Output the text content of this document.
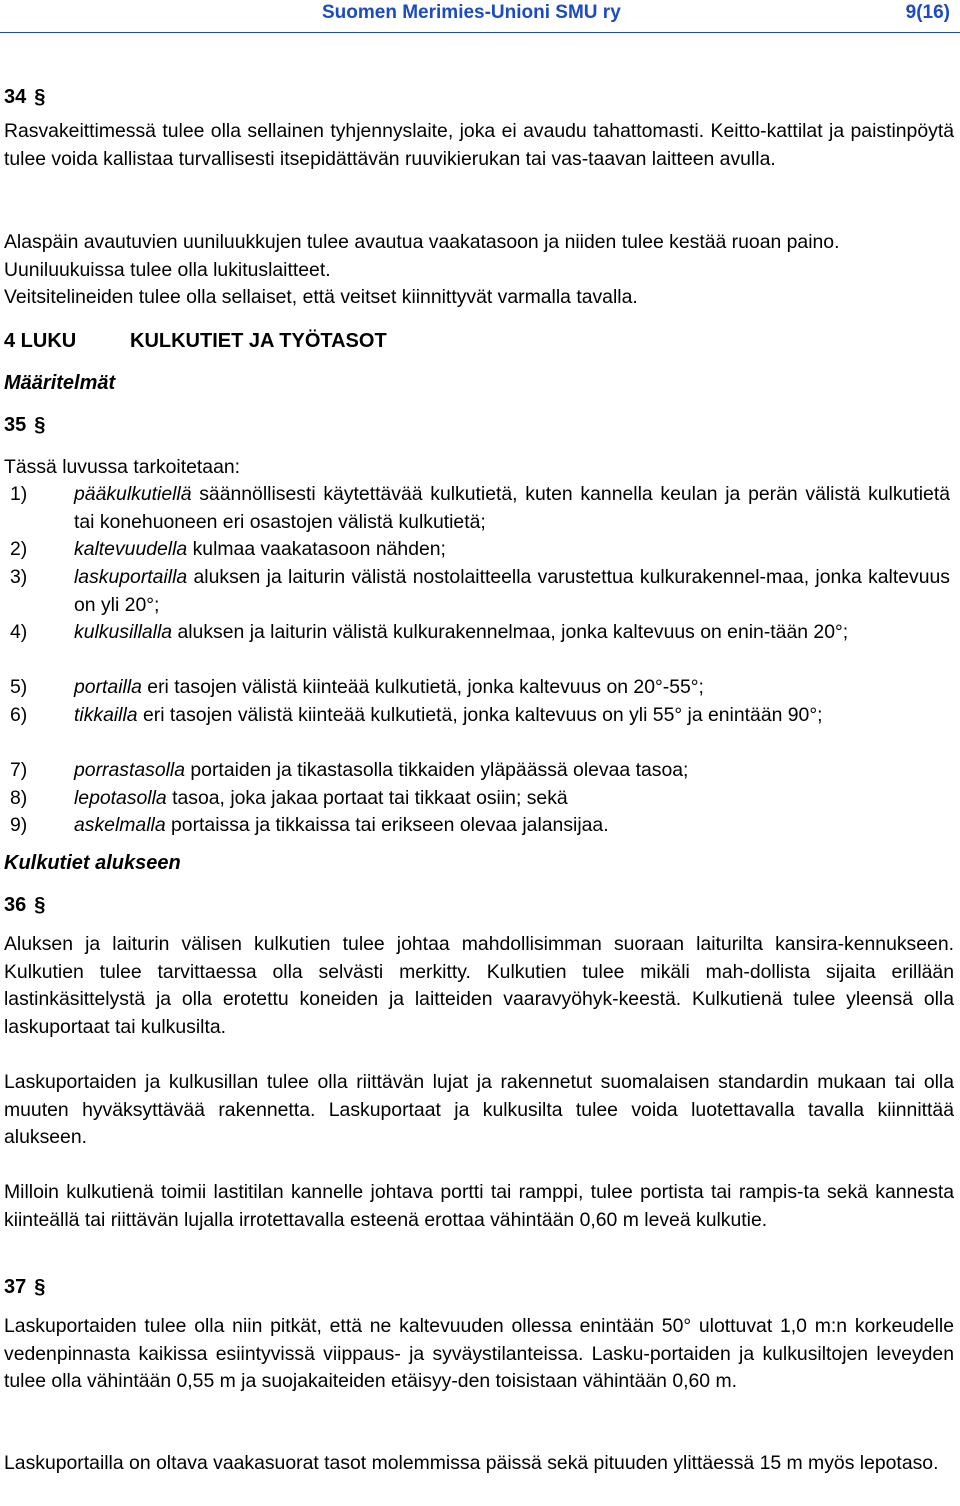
Suomen Merimies-Unioni SMU ry	9(16)
34 §
Rasvakeittimessä tulee olla sellainen tyhjennyslaite, joka ei avaudu tahattomasti. Keitto-kattilat ja paistinpöytä tulee voida kallistaa turvallisesti itsepidättävän ruuvikierukan tai vas-taavan laitteen avulla.
Alaspäin avautuvien uuniluukkujen tulee avautua vaakatasoon ja niiden tulee kestää ruoan paino. Uuniluukuissa tulee olla lukituslaitteet.
Veitsitelineiden tulee olla sellaiset, että veitset kiinnittyvät varmalla tavalla.
4 LUKU	KULKUTIET JA TYÖTASOT
Määritelmät
35 §
Tässä luvussa tarkoitetaan:
1) pääkulkutiellä säännöllisesti käytettävää kulkutietä, kuten kannella keulan ja perän välistä kulkutietä tai konehuoneen eri osastojen välistä kulkutietä;
2) kaltevuudella kulmaa vaakatasoon nähden;
3) laskuportailla aluksen ja laiturin välistä nostolaitteella varustettua kulkurakennel-maa, jonka kaltevuus on yli 20°;
4) kulkusillalla aluksen ja laiturin välistä kulkurakennelmaa, jonka kaltevuus on enin-tään 20°;
5) portailla eri tasojen välistä kiinteää kulkutietä, jonka kaltevuus on 20°-55°;
6) tikkailla eri tasojen välistä kiinteää kulkutietä, jonka kaltevuus on yli 55° ja enintään 90°;
7) porrastasolla portaiden ja tikastasolla tikkaiden yläpäässä olevaa tasoa;
8) lepotasolla tasoa, joka jakaa portaat tai tikkaat osiin; sekä
9) askelmalla portaissa ja tikkaissa tai erikseen olevaa jalansijaa.
Kulkutiet alukseen
36 §
Aluksen ja laiturin välisen kulkutien tulee johtaa mahdollisimman suoraan laiturilta kansira-kennukseen. Kulkutien tulee tarvittaessa olla selvästi merkitty. Kulkutien tulee mikäli mah-dollista sijaita erillään lastinkäsittelystä ja olla erotettu koneiden ja laitteiden vaaravyöhyk-keestä. Kulkutienä tulee yleensä olla laskuportaat tai kulkusilta.
Laskuportaiden ja kulkusillan tulee olla riittävän lujat ja rakennetut suomalaisen standardin mukaan tai olla muuten hyväksyttävää rakennetta. Laskuportaat ja kulkusilta tulee voida luotettavalla tavalla kiinnittää alukseen.
Milloin kulkutienä toimii lastitilan kannelle johtava portti tai ramppi, tulee portista tai rampis-ta sekä kannesta kiinteällä tai riittävän lujalla irrotettavalla esteenä erottaa vähintään 0,60 m leveä kulkutie.
37 §
Laskuportaiden tulee olla niin pitkät, että ne kaltevuuden ollessa enintään 50° ulottuvat 1,0 m:n korkeudelle vedenpinnasta kaikissa esiintyvissä viippaus- ja syväystilanteissa. Lasku-portaiden ja kulkusiltojen leveyden tulee olla vähintään 0,55 m ja suojakaiteiden etäisyy-den toisistaan vähintään 0,60 m.
Laskuportailla on oltava vaakasuorat tasot molemmissa päissä sekä pituuden ylittäessä 15 m myös lepotaso.
